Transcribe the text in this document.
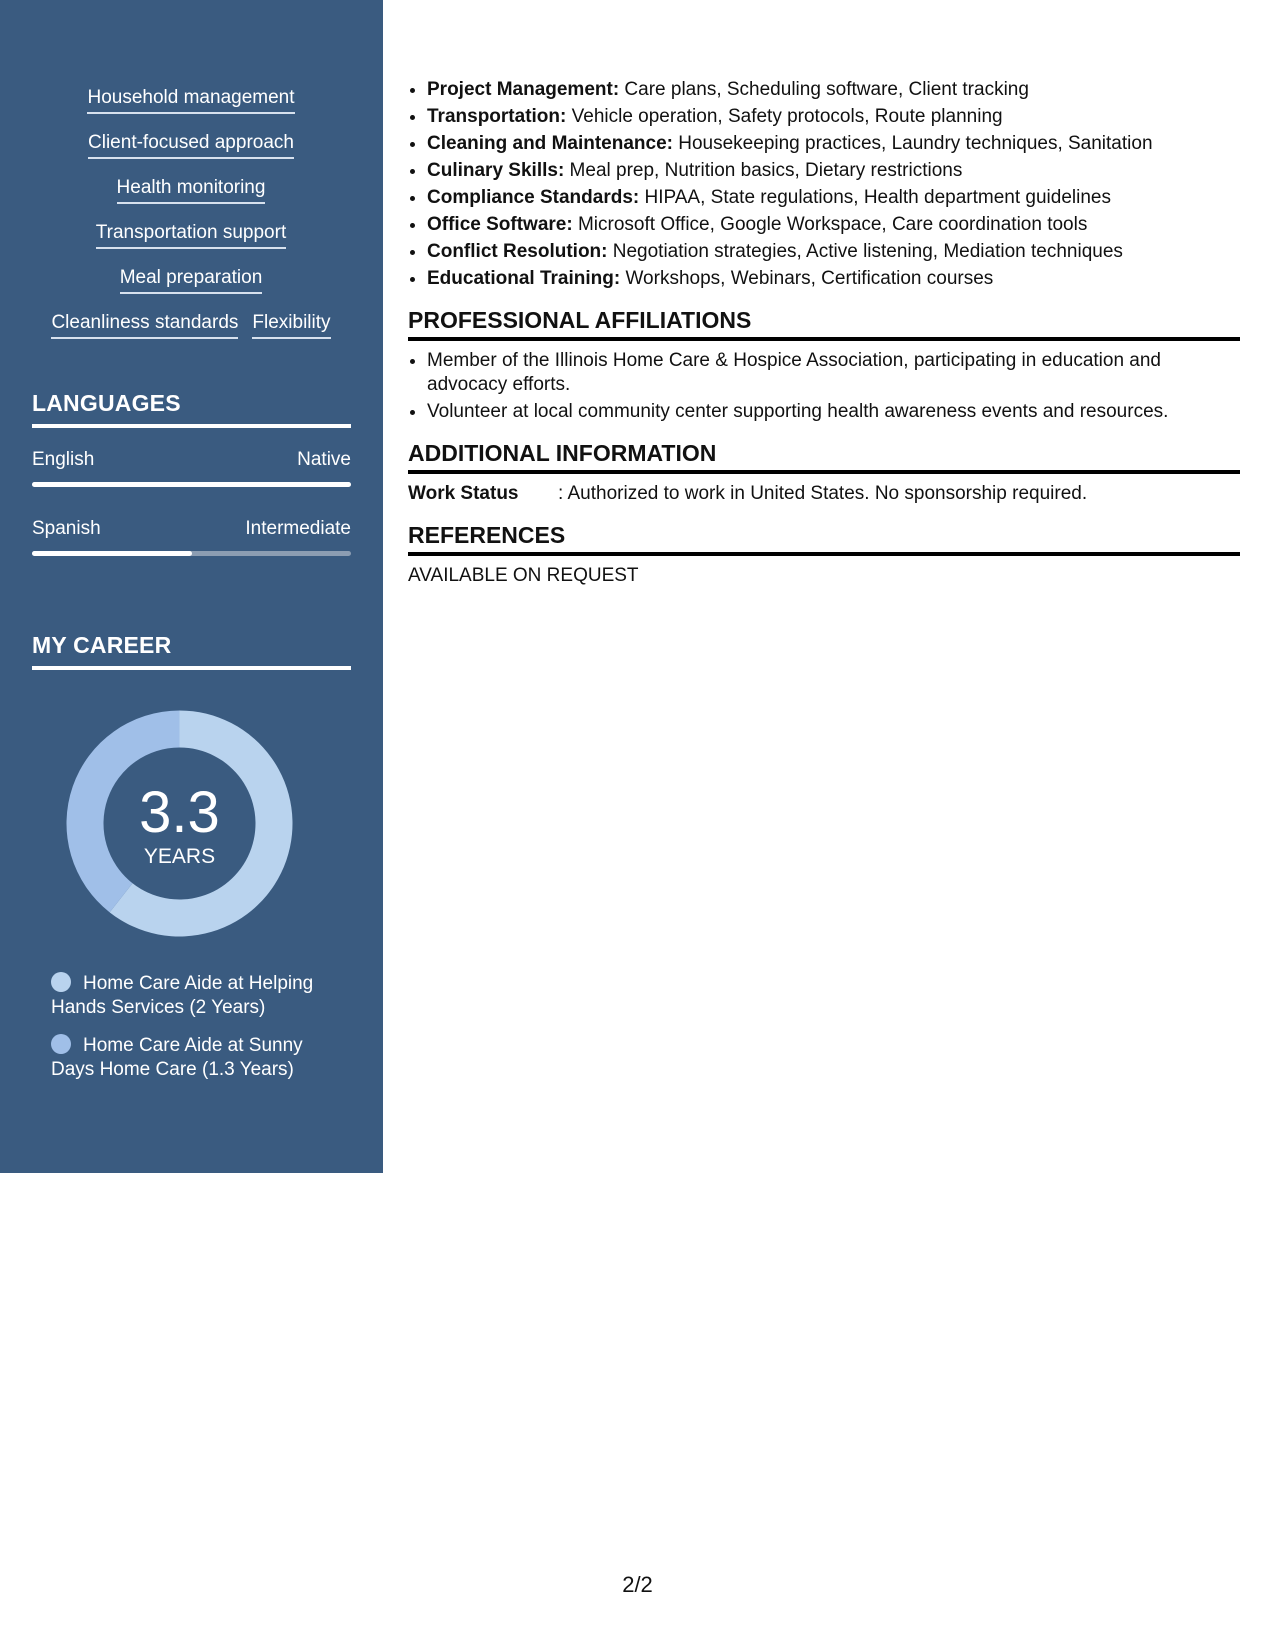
Household management
Client-focused approach
Health monitoring
Transportation support
Meal preparation
Cleanliness standards Flexibility
LANGUAGES
English	Native
Spanish	Intermediate
MY CAREER
3.3
YEARS
Home Care Aide at Helping Hands Services (2 Years)
Home Care Aide at Sunny Days Home Care (1.3 Years)
• Project Management: Care plans, Scheduling software, Client tracking
• Transportation: Vehicle operation, Safety protocols, Route planning
• Cleaning and Maintenance: Housekeeping practices, Laundry techniques, Sanitation
• Culinary Skills: Meal prep, Nutrition basics, Dietary restrictions
• Compliance Standards: HIPAA, State regulations, Health department guidelines
• Office Software: Microsoft Office, Google Workspace, Care coordination tools
• Conflict Resolution: Negotiation strategies, Active listening, Mediation techniques
• Educational Training: Workshops, Webinars, Certification courses
PROFESSIONAL AFFILIATIONS
• Member of the Illinois Home Care & Hospice Association, participating in education and advocacy efforts.
• Volunteer at local community center supporting health awareness events and resources.
ADDITIONAL INFORMATION
Work Status	: Authorized to work in United States. No sponsorship required.
REFERENCES
AVAILABLE ON REQUEST
2/2
